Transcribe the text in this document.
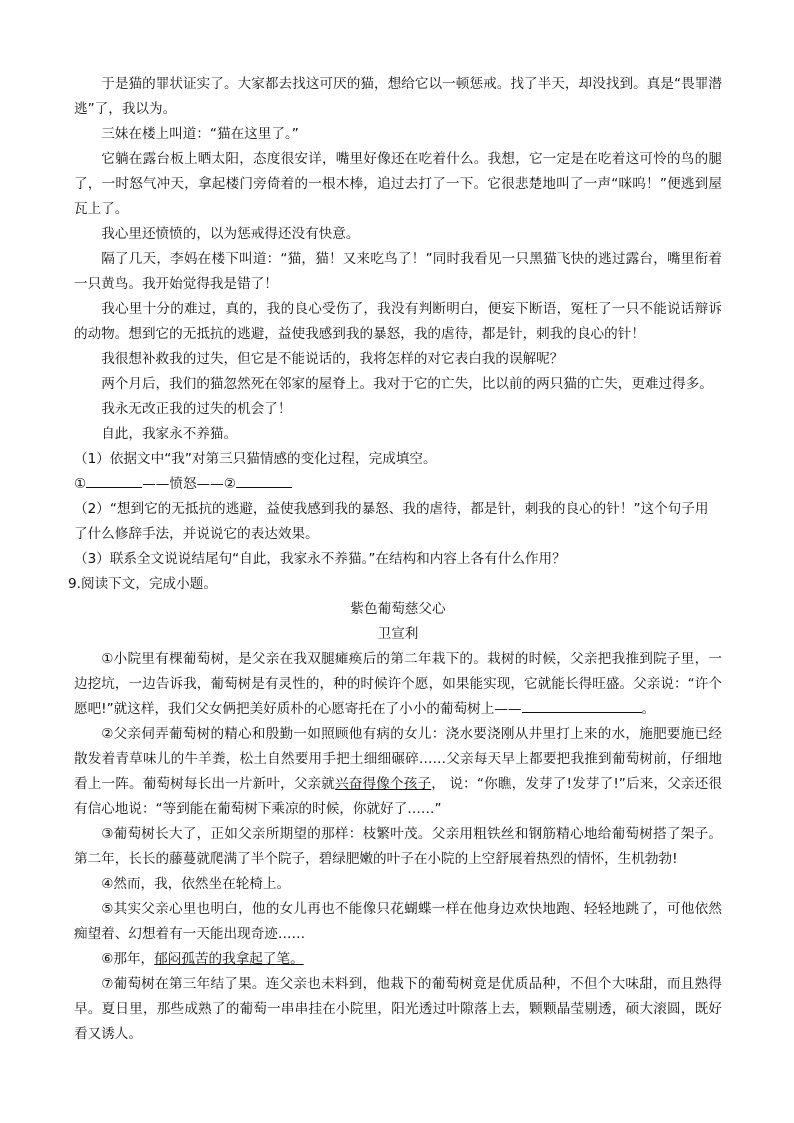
于是猫的罪状证实了。大家都去找这可厌的猫，想给它以一顿惩戒。找了半天，却没找到。真是“畏罪潜逃”了，我以为。

三妹在楼上叫道：“猫在这里了。”

它躺在露台板上晒太阳，态度很安详，嘴里好像还在吃着什么。我想，它一定是在吃着这可怜的鸟的腿了，一时怒气冲天，拿起楼门旁倚着的一根木棒，追过去打了一下。它很悲楚地叫了一声“咪呜！”便逃到屋瓦上了。

我心里还愤愤的，以为惩戒得还没有快意。

隔了几天，李妈在楼下叫道：“猫，猫！又来吃鸟了！”同时我看见一只黑猫飞快的逃过露台，嘴里衔着一只黄鸟。我开始觉得我是错了！

我心里十分的难过，真的，我的良心受伤了，我没有判断明白，便妄下断语，冤枉了一只不能说话辩诉的动物。想到它的无抵抗的逃避，益使我感到我的暴怒，我的虐待，都是针，刺我的良心的针！

我很想补救我的过失，但它是不能说话的，我将怎样的对它表白我的误解呢？

两个月后，我们的猫忽然死在邻家的屋脊上。我对于它的亡失，比以前的两只猫的亡失，更难过得多。

我永无改正我的过失的机会了！

自此，我家永不养猫。

（1）依据文中“我”对第三只猫情感的变化过程，完成填空。

①	——愤怒——②

（2）“想到它的无抵抗的逃避，益使我感到我的暴怒、我的虐待，都是针，刺我的良心的针！”这个句子用了什么修辞手法，并说说它的表达效果。

（3）联系全文说说结尾句“自此，我家永不养猫。”在结构和内容上各有什么作用？

9.阅读下文，完成小题。

紫色葡萄慈父心

卫宣利

①小院里有棵葡萄树，是父亲在我双腿瘫痪后的第二年栽下的。栽树的时候，父亲把我推到院子里，一边挖坑，一边告诉我，葡萄树是有灵性的，种的时候许个愿，如果能实现，它就能长得旺盛。父亲说：“许个愿吧!”就这样，我们父女俩把美好质朴的心愿寄托在了小小的葡萄树上——	。

②父亲伺弄葡萄树的精心和殷勤一如照顾他有病的女儿：浇水要浇刚从井里打上来的水，施肥要施已经散发着青草味儿的牛羊粪，松土自然要用手把土细细碾碎……父亲每天早上都要把我推到葡萄树前，仔细地看上一阵。葡萄树每长出一片新叶，父亲就兴奋得像个孩子， 说：“你瞧，发芽了!发芽了!”后来，父亲还很有信心地说：“等到能在葡萄树下乘凉的时候，你就好了……”

③葡萄树长大了，正如父亲所期望的那样：枝繁叶茂。父亲用粗铁丝和钢筋精心地给葡萄树搭了架子。第二年，长长的藤蔓就爬满了半个院子，碧绿肥嫩的叶子在小院的上空舒展着热烈的情怀，生机勃勃!

④然而，我，依然坐在轮椅上。

⑤其实父亲心里也明白，他的女儿再也不能像只花蝴蝶一样在他身边欢快地跑、轻轻地跳了，可他依然痴望着、幻想着有一天能出现奇迹……

⑥那年，郁闷孤苦的我拿起了笔。

⑦葡萄树在第三年结了果。连父亲也未料到，他栽下的葡萄树竟是优质品种，不但个大味甜，而且熟得早。夏日里，那些成熟了的葡萄一串串挂在小院里，阳光透过叶隙落上去，颗颗晶莹剔透，硕大滚圆，既好看又诱人。
